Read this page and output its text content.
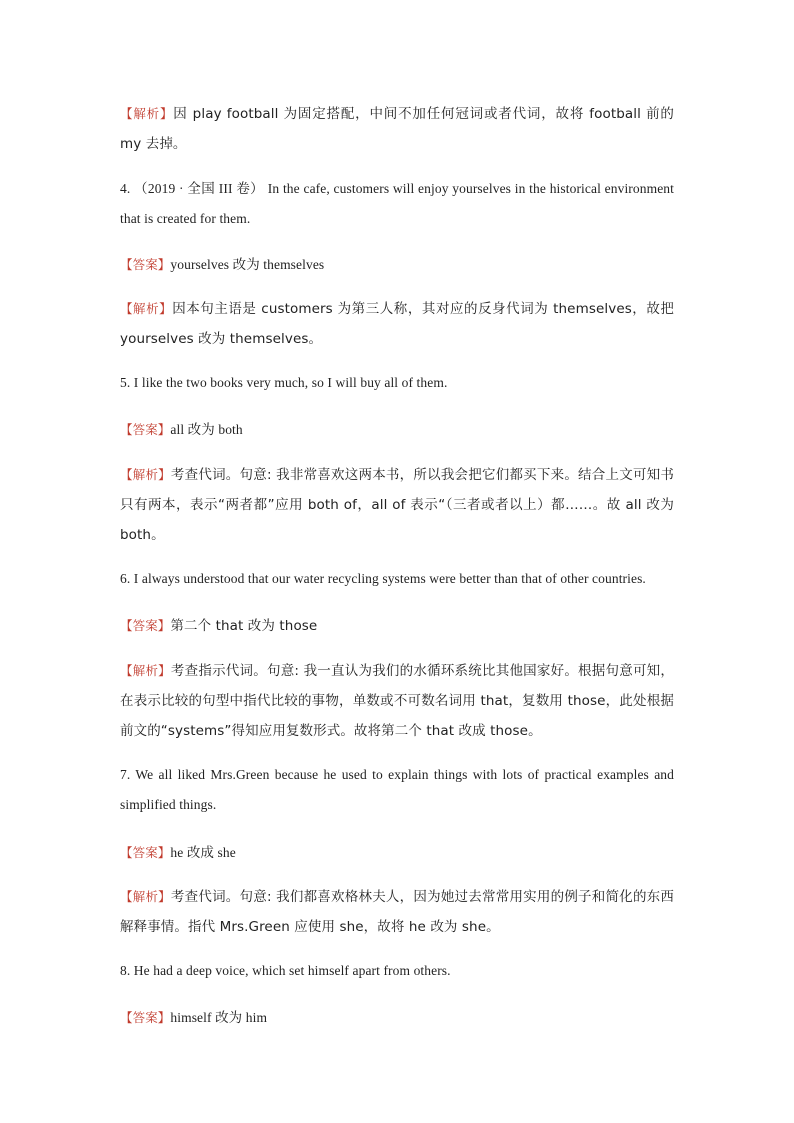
【解析】因 play football 为固定搭配，中间不加任何冠词或者代词，故将 football 前的 my 去掉。
4. （2019 · 全国 III 卷） In the cafe, customers will enjoy yourselves in the historical environment that is created for them.
【答案】yourselves 改为 themselves
【解析】因本句主语是 customers 为第三人称，其对应的反身代词为 themselves，故把 yourselves 改为 themselves。
5. I like the two books very much, so I will buy all of them.
【答案】all 改为 both
【解析】考查代词。句意: 我非常喜欢这两本书，所以我会把它们都买下来。结合上文可知书只有两本，表示“两者都”应用 both of，all of 表示“（三者或者以上）都……。故 all 改为 both。
6. I always understood that our water recycling systems were better than that of other countries.
【答案】第二个 that 改为 those
【解析】考查指示代词。句意: 我一直认为我们的水循环系统比其他国家好。根据句意可知，在表示比较的句型中指代比较的事物，单数或不可数名词用 that，复数用 those，此处根据前文的“systems”得知应用复数形式。故将第二个 that 改成 those。
7. We all liked Mrs.Green because he used to explain things with lots of practical examples and simplified things.
【答案】he 改成 she
【解析】考查代词。句意: 我们都喜欢格林夫人，因为她过去常常用实用的例子和简化的东西解释事情。指代 Mrs.Green 应使用 she，故将 he 改为 she。
8. He had a deep voice, which set himself apart from others.
【答案】himself 改为 him
